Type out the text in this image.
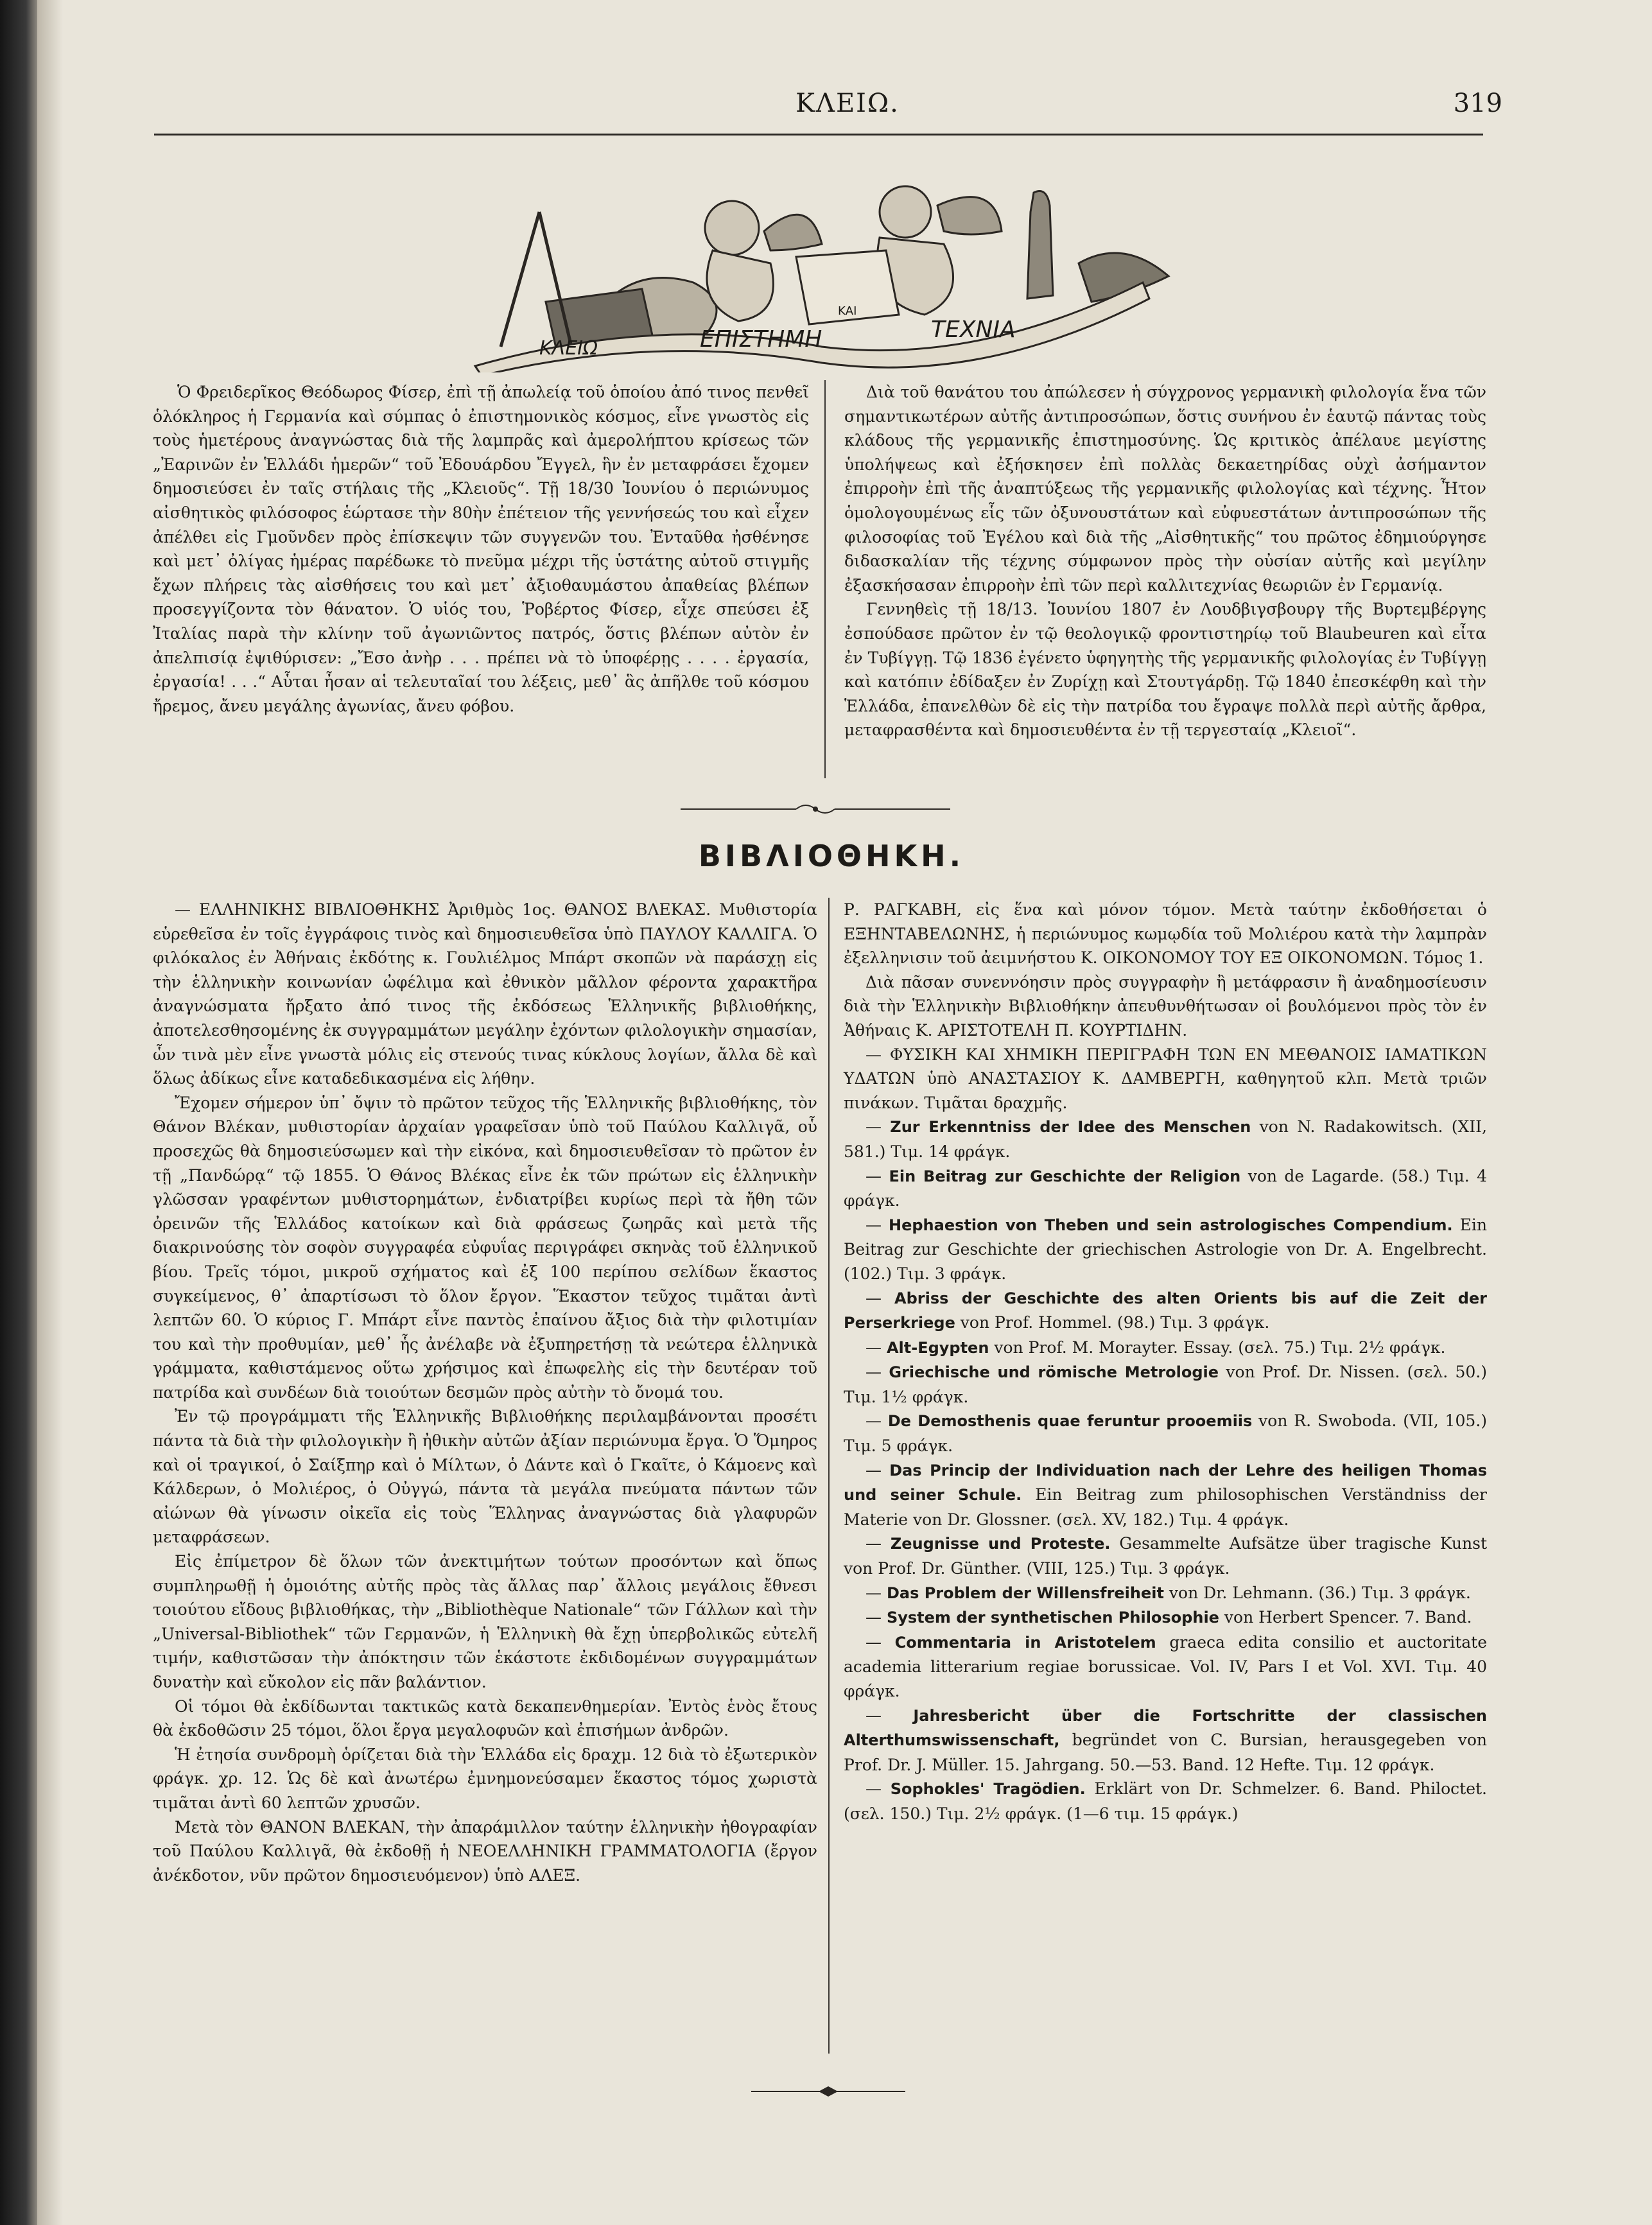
ΚΛΕΙΩ.	319
ΚΛΕΙΩ	ΕΠΙΣΤΗΜΗ
ΚΑΙ
ΤΕΧΝΙΑ

Ὁ Φρειδερῖκος Θεόδωρος Φίσερ, ἐπὶ τῇ ἀπωλείᾳ τοῦ ὁποίου ἀπό τινος πενθεῖ ὁλόκληρος ἡ Γερμανία καὶ σύμπας ὁ ἐπιστημονικὸς κόσμος, εἶνε γνωστὸς εἰς τοὺς ἡμετέρους ἀναγνώστας διὰ τῆς λαμπρᾶς καὶ ἀμερολήπτου κρίσεως τῶν „Ἐαρινῶν ἐν Ἑλλάδι ἡμερῶν“ τοῦ Ἐδουάρδου Ἔγγελ, ἣν ἐν μεταφράσει ἔχομεν δημοσιεύσει ἐν ταῖς στήλαις τῆς „Κλειοῦς“. Τῇ 18/30 Ἰουνίου ὁ περιώνυμος αἰσθητικὸς φιλόσοφος ἑώρτασε τὴν 80ὴν ἐπέτειον τῆς γεννήσεώς του καὶ εἶχεν ἀπέλθει εἰς Γμοῦνδεν πρὸς ἐπίσκεψιν τῶν συγγενῶν του. Ἐνταῦθα ἠσθένησε καὶ μετ᾽ ὀλίγας ἡμέρας παρέδωκε τὸ πνεῦμα μέχρι τῆς ὑστάτης αὐτοῦ στιγμῆς ἔχων πλήρεις τὰς αἰσθήσεις του καὶ μετ᾽ ἀξιοθαυμάστου ἀπαθείας βλέπων προσεγγίζοντα τὸν θάνατον. Ὁ υἱός του, Ῥοβέρτος Φίσερ, εἶχε σπεύσει ἐξ Ἰταλίας παρὰ τὴν κλίνην τοῦ ἀγωνιῶντος πατρός, ὅστις βλέπων αὐτὸν ἐν ἀπελπισίᾳ ἐψιθύρισεν: „Ἔσο ἀνὴρ . . . πρέπει νὰ τὸ ὑποφέρῃς . . . . ἐργασία, ἐργασία! . . .“ Αὗται ἦσαν αἱ τελευταῖαί του λέξεις, μεθ᾽ ἃς ἀπῆλθε τοῦ κόσμου ἤρεμος, ἄνευ μεγάλης ἀγωνίας, ἄνευ φόβου.

Διὰ τοῦ θανάτου του ἀπώλεσεν ἡ σύγχρονος γερμανικὴ φιλολογία ἕνα τῶν σημαντικωτέρων αὐτῆς ἀντιπροσώπων, ὅστις συνήνου ἐν ἑαυτῷ πάντας τοὺς κλάδους τῆς γερμανικῆς ἐπιστημοσύνης. Ὡς κριτικὸς ἀπέλαυε μεγίστης ὑπολήψεως καὶ ἐξήσκησεν ἐπὶ πολλὰς δεκαετηρίδας οὐχὶ ἀσήμαντον ἐπιρροὴν ἐπὶ τῆς ἀναπτύξεως τῆς γερμανικῆς φιλολογίας καὶ τέχνης. Ἦτον ὁμολογουμένως εἷς τῶν ὀξυνουστάτων καὶ εὐφυεστάτων ἀντιπροσώπων τῆς φιλοσοφίας τοῦ Ἐγέλου καὶ διὰ τῆς „Αἰσθητικῆς“ του πρῶτος ἐδημιούργησε διδασκαλίαν τῆς τέχνης σύμφωνον πρὸς τὴν οὐσίαν αὐτῆς καὶ μεγίλην ἐξασκήσασαν ἐπιρροὴν ἐπὶ τῶν περὶ καλλιτεχνίας θεωριῶν ἐν Γερμανίᾳ.

Γεννηθεὶς τῇ 18/13. Ἰουνίου 1807 ἐν Λουδβιγσβουργ τῆς Βυρτεμβέργης ἐσπούδασε πρῶτον ἐν τῷ θεολογικῷ φροντιστηρίῳ τοῦ Blaubeuren καὶ εἶτα ἐν Τυβίγγῃ. Τῷ 1836 ἐγένετο ὑφηγητὴς τῆς γερμανικῆς φιλολογίας ἐν Τυβίγγῃ καὶ κατόπιν ἐδίδαξεν ἐν Ζυρίχῃ καὶ Στουτγάρδῃ. Τῷ 1840 ἐπεσκέφθη καὶ τὴν Ἑλλάδα, ἐπανελθὼν δὲ εἰς τὴν πατρίδα του ἔγραψε πολλὰ περὶ αὐτῆς ἄρθρα, μεταφρασθέντα καὶ δημοσιευθέντα ἐν τῇ τεργεσταίᾳ „Κλειοῖ“.

ΒΙΒΛΙΟΘΗΚΗ.

— ΕΛΛΗΝΙΚΗΣ ΒΙΒΛΙΟΘΗΚΗΣ Ἀριθμὸς 1ος. ΘΑΝΟΣ ΒΛΕΚΑΣ. Μυθιστορία εὑρεθεῖσα ἐν τοῖς ἐγγράφοις τινὸς καὶ δημοσιευθεῖσα ὑπὸ ΠΑΥΛΟΥ ΚΑΛΛΙΓΑ. Ὁ φιλόκαλος ἐν Ἀθήναις ἐκδότης κ. Γουλιέλμος Μπάρτ σκοπῶν νὰ παράσχῃ εἰς τὴν ἑλληνικὴν κοινωνίαν ὠφέλιμα καὶ ἐθνικὸν μᾶλλον φέροντα χαρακτῆρα ἀναγνώσματα ἤρξατο ἀπό τινος τῆς ἐκδόσεως Ἑλληνικῆς βιβλιοθήκης, ἀποτελεσθησομένης ἐκ συγγραμμάτων μεγάλην ἐχόντων φιλολογικὴν σημασίαν, ὧν τινὰ μὲν εἶνε γνωστὰ μόλις εἰς στενούς τινας κύκλους λογίων, ἄλλα δὲ καὶ ὅλως ἀδίκως εἶνε καταδεδικασμένα εἰς λήθην.

Ἔχομεν σήμερον ὑπ᾽ ὄψιν τὸ πρῶτον τεῦχος τῆς Ἑλληνικῆς βιβλιοθήκης, τὸν Θάνον Βλέκαν, μυθιστορίαν ἀρχαίαν γραφεῖσαν ὑπὸ τοῦ Παύλου Καλλιγᾶ, οὗ προσεχῶς θὰ δημοσιεύσωμεν καὶ τὴν εἰκόνα, καὶ δημοσιευθεῖσαν τὸ πρῶτον ἐν τῇ „Πανδώρᾳ“ τῷ 1855. Ὁ Θάνος Βλέκας εἶνε ἐκ τῶν πρώτων εἰς ἑλληνικὴν γλῶσσαν γραφέντων μυθιστορημάτων, ἐνδιατρίβει κυρίως περὶ τὰ ἤθη τῶν ὀρεινῶν τῆς Ἑλλάδος κατοίκων καὶ διὰ φράσεως ζωηρᾶς καὶ μετὰ τῆς διακρινούσης τὸν σοφὸν συγγραφέα εὐφυΐας περιγράφει σκηνὰς τοῦ ἑλληνικοῦ βίου. Τρεῖς τόμοι, μικροῦ σχήματος καὶ ἐξ 100 περίπου σελίδων ἕκαστος συγκείμενος, θ᾽ ἀπαρτίσωσι τὸ ὅλον ἔργον. Ἕκαστον τεῦχος τιμᾶται ἀντὶ λεπτῶν 60. Ὁ κύριος Γ. Μπάρτ εἶνε παντὸς ἐπαίνου ἄξιος διὰ τὴν φιλοτιμίαν του καὶ τὴν προθυμίαν, μεθ᾽ ἧς ἀνέλαβε νὰ ἐξυπηρετήσῃ τὰ νεώτερα ἑλληνικὰ γράμματα, καθιστάμενος οὕτω χρήσιμος καὶ ἐπωφελὴς εἰς τὴν δευτέραν τοῦ πατρίδα καὶ συνδέων διὰ τοιούτων δεσμῶν πρὸς αὐτὴν τὸ ὄνομά του.

Ἐν τῷ προγράμματι τῆς Ἑλληνικῆς Βιβλιοθήκης περιλαμβάνονται προσέτι πάντα τὰ διὰ τὴν φιλολογικὴν ἢ ἠθικὴν αὐτῶν ἀξίαν περιώνυμα ἔργα. Ὁ Ὅμηρος καὶ οἱ τραγικοί, ὁ Σαίξπηρ καὶ ὁ Μίλτων, ὁ Δάντε καὶ ὁ Γκαῖτε, ὁ Κάμοενς καὶ Κάλδερων, ὁ Μολιέρος, ὁ Οὐγγώ, πάντα τὰ μεγάλα πνεύματα πάντων τῶν αἰώνων θὰ γίνωσιν οἰκεῖα εἰς τοὺς Ἕλληνας ἀναγνώστας διὰ γλαφυρῶν μεταφράσεων.

Εἰς ἐπίμετρον δὲ ὅλων τῶν ἀνεκτιμήτων τούτων προσόντων καὶ ὅπως συμπληρωθῇ ἡ ὁμοιότης αὐτῆς πρὸς τὰς ἄλλας παρ᾽ ἄλλοις μεγάλοις ἔθνεσι τοιούτου εἴδους βιβλιοθήκας, τὴν „Bibliothèque Nationale“ τῶν Γάλλων καὶ τὴν „Universal-Bibliothek“ τῶν Γερμανῶν, ἡ Ἑλληνικὴ θὰ ἔχῃ ὑπερβολικῶς εὐτελῆ τιμήν, καθιστῶσαν τὴν ἀπόκτησιν τῶν ἑκάστοτε ἐκδιδομένων συγγραμμάτων δυνατὴν καὶ εὔκολον εἰς πᾶν βαλάντιον.

Οἱ τόμοι θὰ ἐκδίδωνται τακτικῶς κατὰ δεκαπενθημερίαν. Ἐντὸς ἑνὸς ἔτους θὰ ἐκδοθῶσιν 25 τόμοι, ὅλοι ἔργα μεγαλοφυῶν καὶ ἐπισήμων ἀνδρῶν.

Ἡ ἐτησία συνδρομὴ ὁρίζεται διὰ τὴν Ἑλλάδα εἰς δραχμ. 12 διὰ τὸ ἐξωτερικὸν φράγκ. χρ. 12. Ὡς δὲ καὶ ἀνωτέρω ἐμνημονεύσαμεν ἕκαστος τόμος χωριστὰ τιμᾶται ἀντὶ 60 λεπτῶν χρυσῶν.

Μετὰ τὸν ΘΑΝΟΝ ΒΛΕΚΑΝ, τὴν ἀπαράμιλλον ταύτην ἑλληνικὴν ἠθογραφίαν τοῦ Παύλου Καλλιγᾶ, θὰ ἐκδοθῇ ἡ ΝΕΟΕΛΛΗΝΙΚΗ ΓΡΑΜΜΑΤΟΛΟΓΙΑ (ἔργον ἀνέκδοτον, νῦν πρῶτον δημοσιευόμενον) ὑπὸ ΑΛΕΞ.

Ρ. ΡΑΓΚΑΒΗ, εἰς ἕνα καὶ μόνον τόμον. Μετὰ ταύτην ἐκδοθήσεται ὁ ΕΞΗΝΤΑΒΕΛΩΝΗΣ, ἡ περιώνυμος κωμῳδία τοῦ Μολιέρου κατὰ τὴν λαμπρὰν ἐξελληνισιν τοῦ ἀειμνήστου Κ. ΟΙΚΟΝΟΜΟΥ ΤΟΥ ΕΞ ΟΙΚΟΝΟΜΩΝ. Τόμος 1.

Διὰ πᾶσαν συνεννόησιν πρὸς συγγραφὴν ἢ μετάφρασιν ἢ ἀναδημοσίευσιν διὰ τὴν Ἑλληνικὴν Βιβλιοθήκην ἀπευθυνθήτωσαν οἱ βουλόμενοι πρὸς τὸν ἐν Ἀθήναις Κ. ΑΡΙΣΤΟΤΕΛΗ Π. ΚΟΥΡΤΙΔΗΝ.

— ΦΥΣΙΚΗ ΚΑΙ ΧΗΜΙΚΗ ΠΕΡΙΓΡΑΦΗ ΤΩΝ ΕΝ ΜΕΘΑΝΟΙΣ ΙΑΜΑΤΙΚΩΝ ΥΔΑΤΩΝ ὑπὸ ΑΝΑΣΤΑΣΙΟΥ Κ. ΔΑΜΒΕΡΓΗ, καθηγητοῦ κλπ. Μετὰ τριῶν πινάκων. Τιμᾶται δραχμῆς.

— Zur Erkenntniss der Idee des Menschen von N. Radakowitsch. (XII, 581.) Τιμ. 14 φράγκ.

— Ein Beitrag zur Geschichte der Religion von de Lagarde. (58.) Τιμ. 4 φράγκ.

— Hephaestion von Theben und sein astrologisches Compendium. Ein Beitrag zur Geschichte der griechischen Astrologie von Dr. A. Engelbrecht. (102.) Τιμ. 3 φράγκ.

— Abriss der Geschichte des alten Orients bis auf die Zeit der Perserkriege von Prof. Hommel. (98.) Τιμ. 3 φράγκ.

— Alt-Egypten von Prof. M. Morayter. Essay. (σελ. 75.) Τιμ. 2½ φράγκ.

— Griechische und römische Metrologie von Prof. Dr. Nissen. (σελ. 50.) Τιμ. 1½ φράγκ.

— De Demosthenis quae feruntur prooemiis von R. Swoboda. (VII, 105.) Τιμ. 5 φράγκ.

— Das Princip der Individuation nach der Lehre des heiligen Thomas und seiner Schule. Ein Beitrag zum philosophischen Verständniss der Materie von Dr. Glossner. (σελ. XV, 182.) Τιμ. 4 φράγκ.

— Zeugnisse und Proteste. Gesammelte Aufsätze über tragische Kunst von Prof. Dr. Günther. (VIII, 125.) Τιμ. 3 φράγκ.

— Das Problem der Willensfreiheit von Dr. Lehmann. (36.) Τιμ. 3 φράγκ.

— System der synthetischen Philosophie von Herbert Spencer. 7. Band.

— Commentaria in Aristotelem graeca edita consilio et auctoritate academia litterarium regiae borussicae. Vol. IV, Pars I et Vol. XVI. Τιμ. 40 φράγκ.

— Jahresbericht über die Fortschritte der classischen Alterthumswissenschaft, begründet von C. Bursian, herausgegeben von Prof. Dr. J. Müller. 15. Jahrgang. 50.—53. Band. 12 Hefte. Τιμ. 12 φράγκ.

— Sophokles' Tragödien. Erklärt von Dr. Schmelzer. 6. Band. Philoctet. (σελ. 150.) Τιμ. 2½ φράγκ. (1—6 τιμ. 15 φράγκ.)
